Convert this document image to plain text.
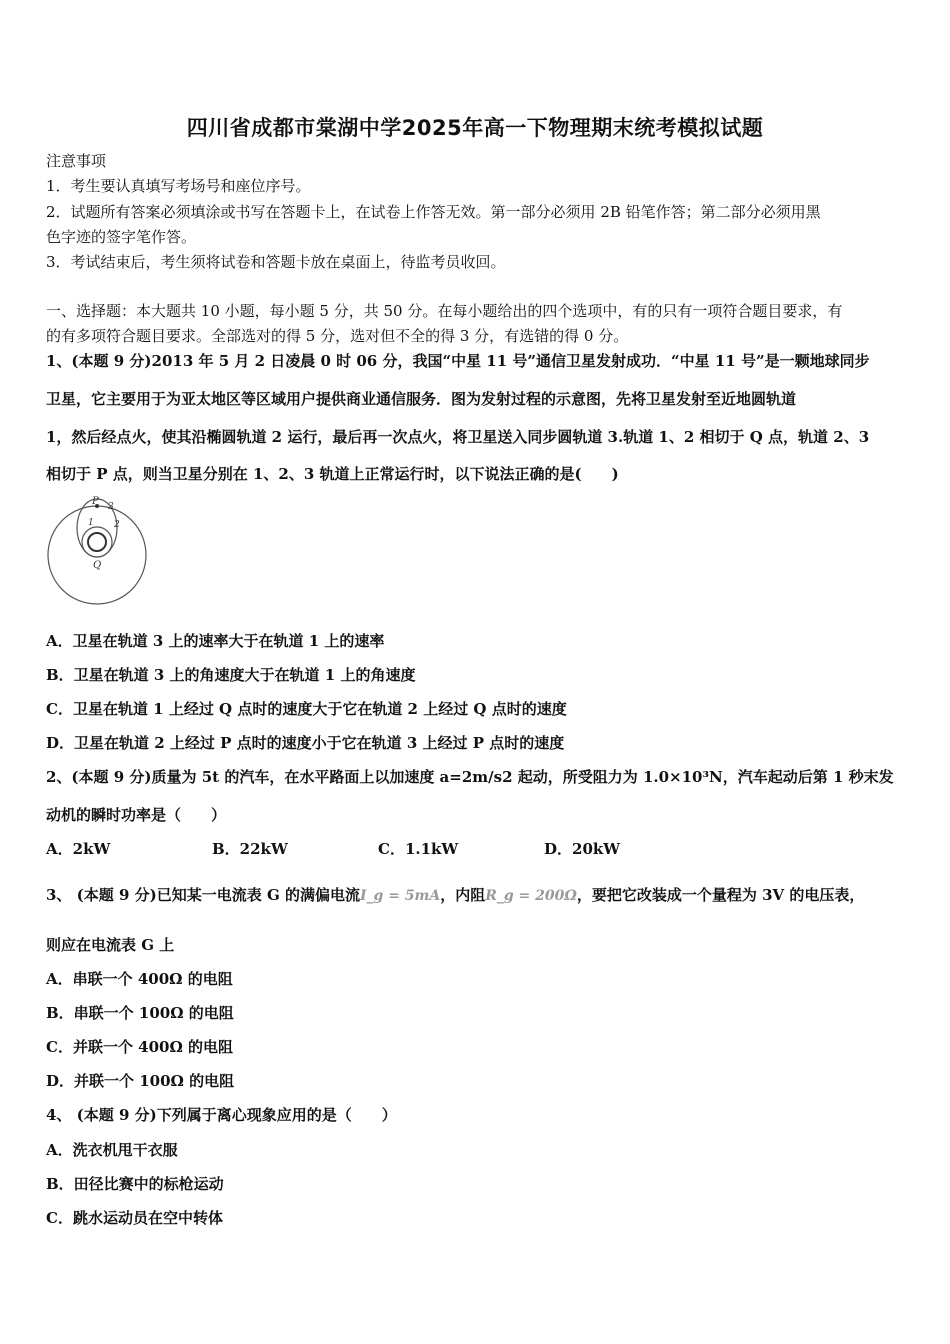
四川省成都市棠湖中学2025年高一下物理期末统考模拟试题
注意事项
1．考生要认真填写考场号和座位序号。
2．试题所有答案必须填涂或书写在答题卡上，在试卷上作答无效。第一部分必须用 2B 铅笔作答；第二部分必须用黑
色字迹的签字笔作答。
3．考试结束后，考生须将试卷和答题卡放在桌面上，待监考员收回。
一、选择题：本大题共 10 小题，每小题 5 分，共 50 分。在每小题给出的四个选项中，有的只有一项符合题目要求，有
的有多项符合题目要求。全部选对的得 5 分，选对但不全的得 3 分，有选错的得 0 分。
1、(本题 9 分)2013 年 5 月 2 日凌晨 0 时 06 分，我国“中星 11 号”通信卫星发射成功．“中星 11 号”是一颗地球同步
卫星，它主要用于为亚太地区等区域用户提供商业通信服务．图为发射过程的示意图，先将卫星发射至近地圆轨道
1，然后经点火，使其沿椭圆轨道 2 运行，最后再一次点火，将卫星送入同步圆轨道 3.轨道 1、2 相切于 Q 点，轨道 2、3
相切于 P 点，则当卫星分别在 1、2、3 轨道上正常运行时，以下说法正确的是(　　)
P 3
1 2
Q
A．卫星在轨道 3 上的速率大于在轨道 1 上的速率
B．卫星在轨道 3 上的角速度大于在轨道 1 上的角速度
C．卫星在轨道 1 上经过 Q 点时的速度大于它在轨道 2 上经过 Q 点时的速度
D．卫星在轨道 2 上经过 P 点时的速度小于它在轨道 3 上经过 P 点时的速度
2、(本题 9 分)质量为 5t 的汽车，在水平路面上以加速度 a=2m/s2 起动，所受阻力为 1.0×10³N，汽车起动后第 1 秒末发
动机的瞬时功率是（　　）
A．2kW	B．22kW	C．1.1kW	D．20kW
3、 (本题 9 分)已知某一电流表 G 的满偏电流I_g = 5mA，内阻R_g = 200Ω，要把它改装成一个量程为 3V 的电压表，
则应在电流表 G 上
A．串联一个 400Ω 的电阻
B．串联一个 100Ω 的电阻
C．并联一个 400Ω 的电阻
D．并联一个 100Ω 的电阻
4、 (本题 9 分)下列属于离心现象应用的是（　　）
A．洗衣机甩干衣服
B．田径比赛中的标枪运动
C．跳水运动员在空中转体
